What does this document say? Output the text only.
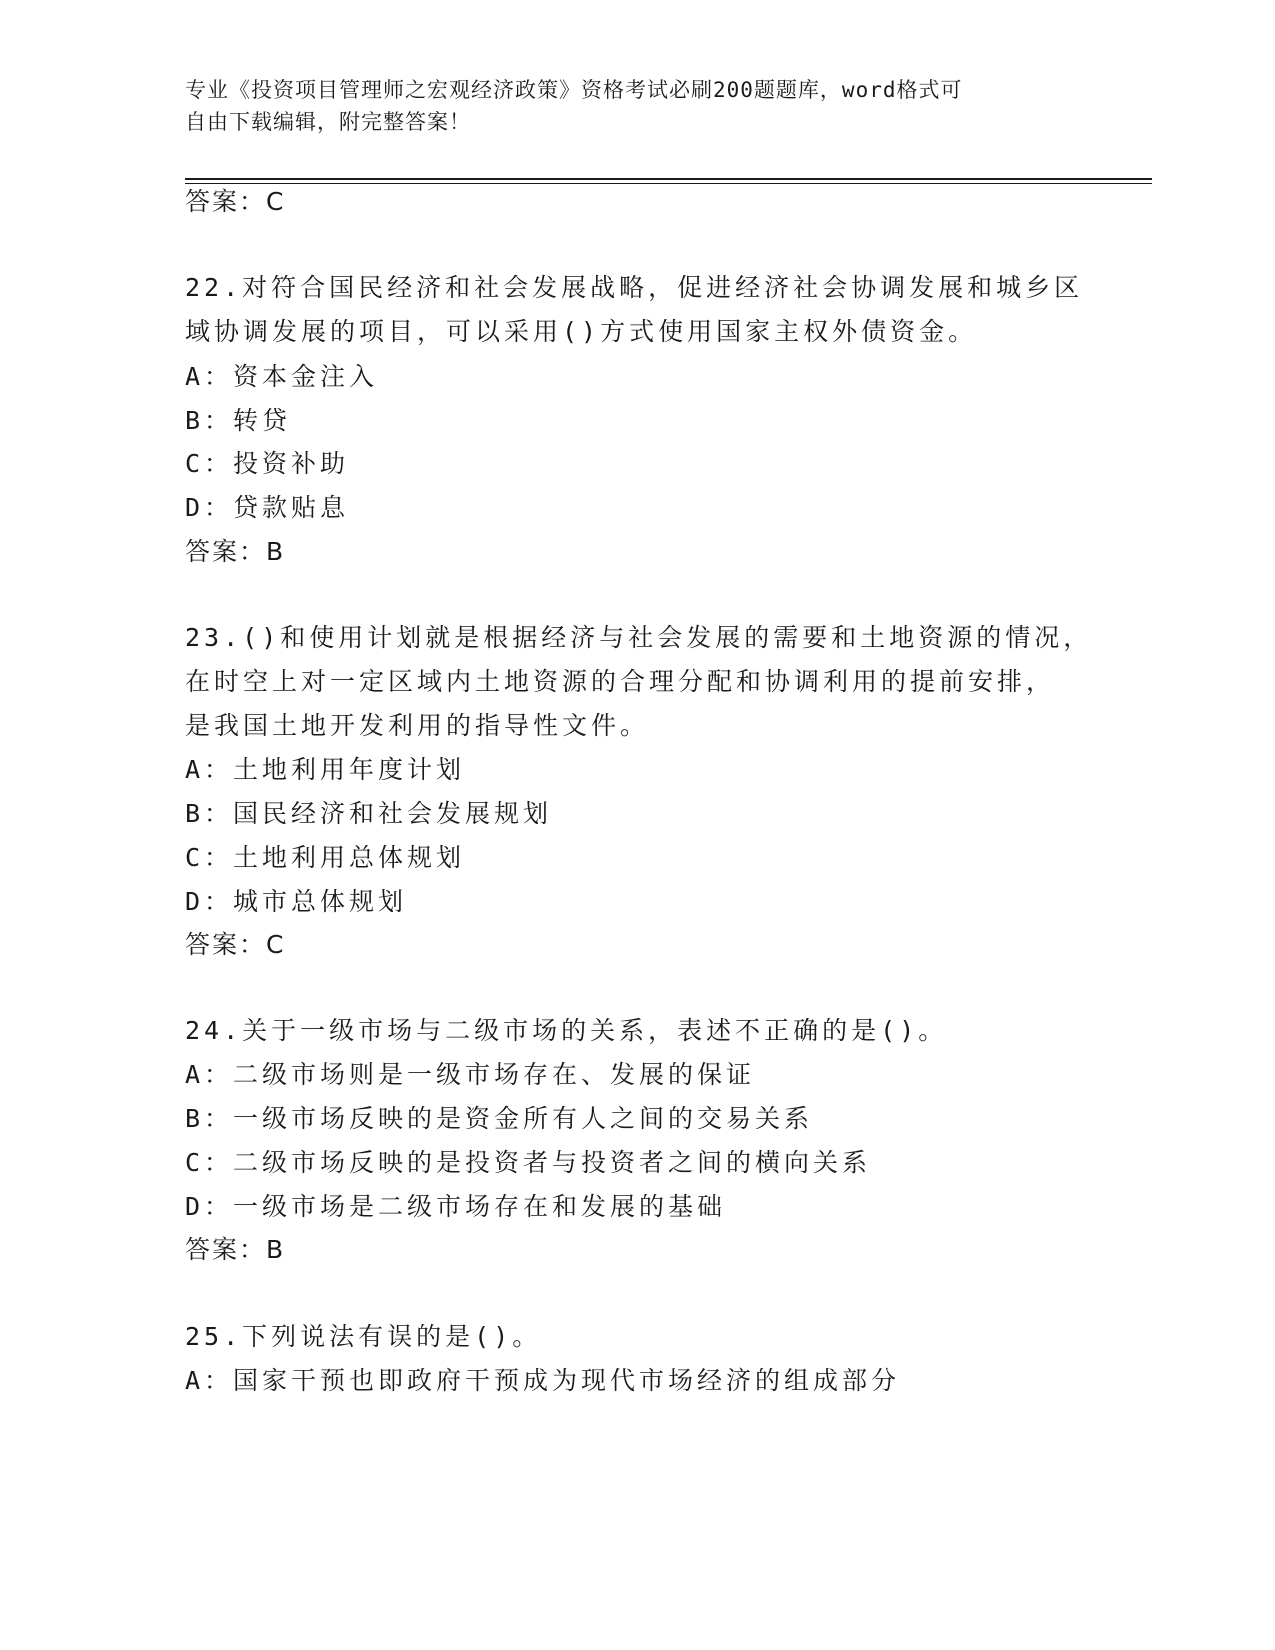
专业《投资项目管理师之宏观经济政策》资格考试必刷200题题库，word格式可
自由下载编辑，附完整答案！
答案：C
22.对符合国民经济和社会发展战略，促进经济社会协调发展和城乡区
域协调发展的项目，可以采用()方式使用国家主权外债资金。
A：资本金注入
B：转贷
C：投资补助
D：贷款贴息
答案：B
23.()和使用计划就是根据经济与社会发展的需要和土地资源的情况，
在时空上对一定区域内土地资源的合理分配和协调利用的提前安排，
是我国土地开发利用的指导性文件。
A：土地利用年度计划
B：国民经济和社会发展规划
C：土地利用总体规划
D：城市总体规划
答案：C
24.关于一级市场与二级市场的关系，表述不正确的是()。
A：二级市场则是一级市场存在、发展的保证
B：一级市场反映的是资金所有人之间的交易关系
C：二级市场反映的是投资者与投资者之间的横向关系
D：一级市场是二级市场存在和发展的基础
答案：B
25.下列说法有误的是()。
A：国家干预也即政府干预成为现代市场经济的组成部分
